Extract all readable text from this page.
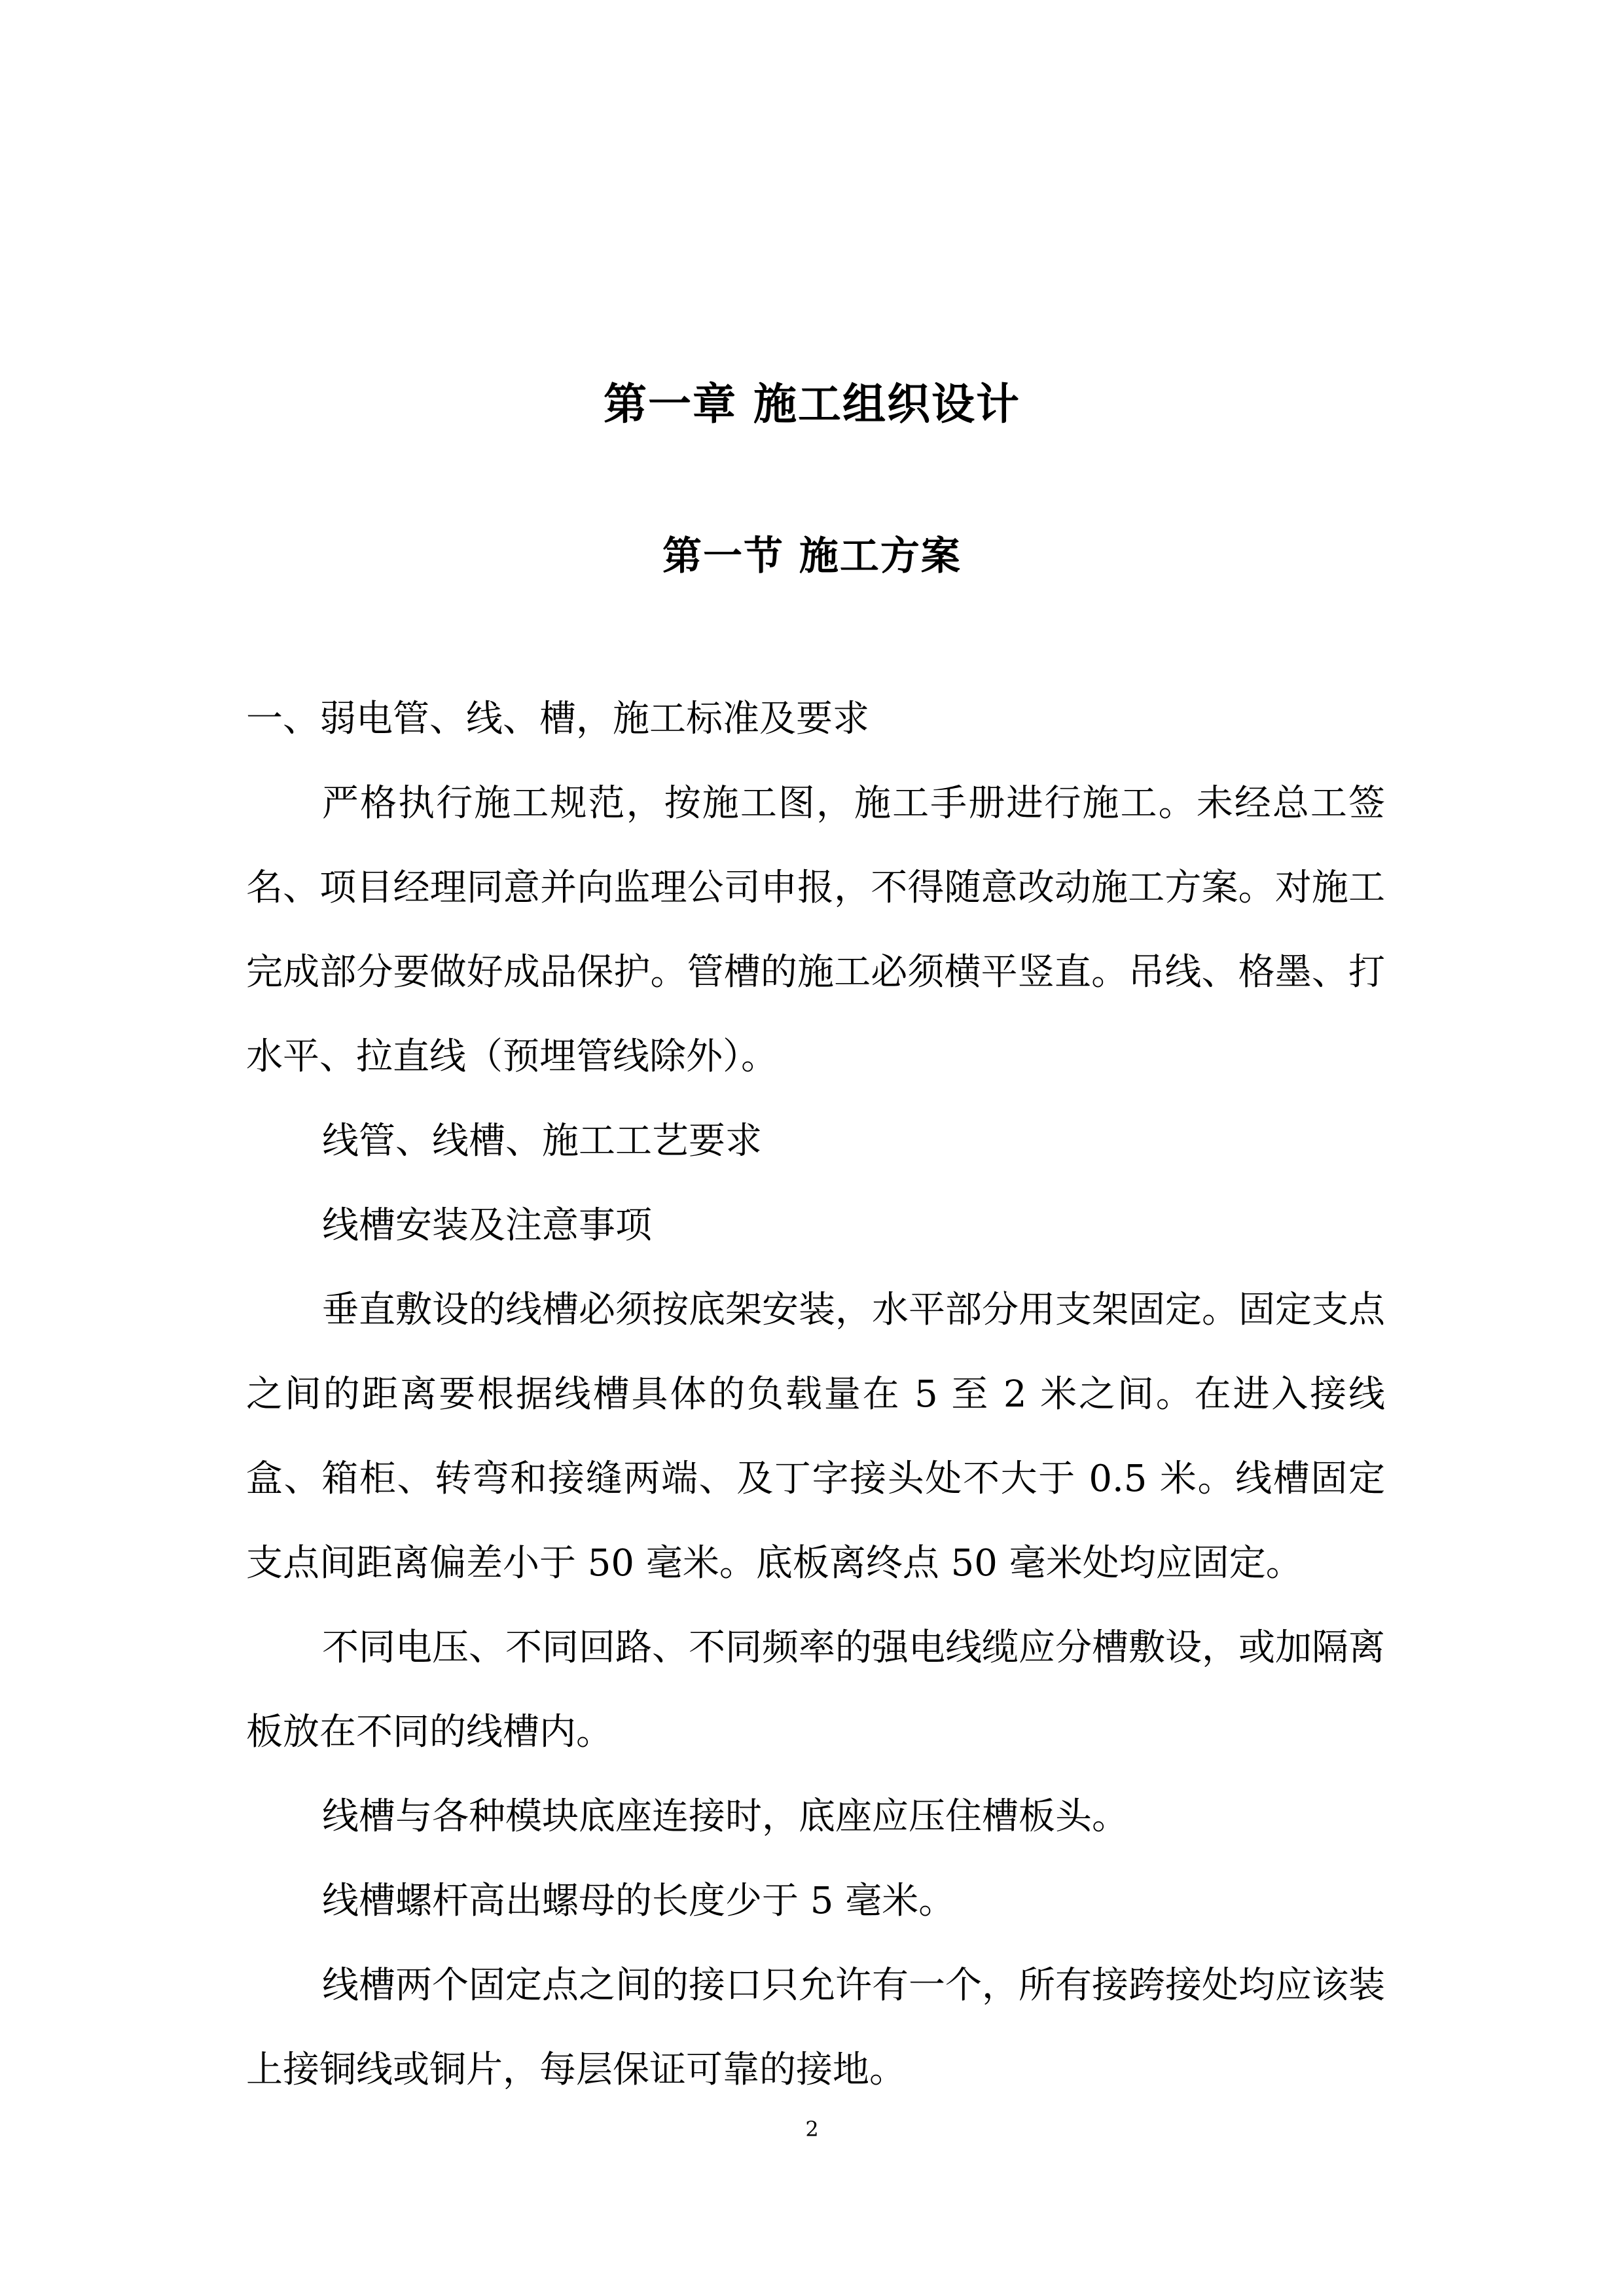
第一章 施工组织设计
第一节 施工方案

一、弱电管、线、槽，施工标准及要求

严格执行施工规范，按施工图，施工手册进行施工。未经总工签名、项目经理同意并向监理公司申报，不得随意改动施工方案。对施工完成部分要做好成品保护。管槽的施工必须横平竖直。吊线、格墨、打水平、拉直线（预埋管线除外）。

线管、线槽、施工工艺要求

线槽安装及注意事项

垂直敷设的线槽必须按底架安装，水平部分用支架固定。固定支点之间的距离要根据线槽具体的负载量在 5 至 2 米之间。在进入接线盒、箱柜、转弯和接缝两端、及丁字接头处不大于 0.5 米。线槽固定支点间距离偏差小于 50 毫米。底板离终点 50 毫米处均应固定。

不同电压、不同回路、不同频率的强电线缆应分槽敷设，或加隔离板放在不同的线槽内。

线槽与各种模块底座连接时，底座应压住槽板头。

线槽螺杆高出螺母的长度少于 5 毫米。

线槽两个固定点之间的接口只允许有一个，所有接跨接处均应该装上接铜线或铜片，每层保证可靠的接地。

2
